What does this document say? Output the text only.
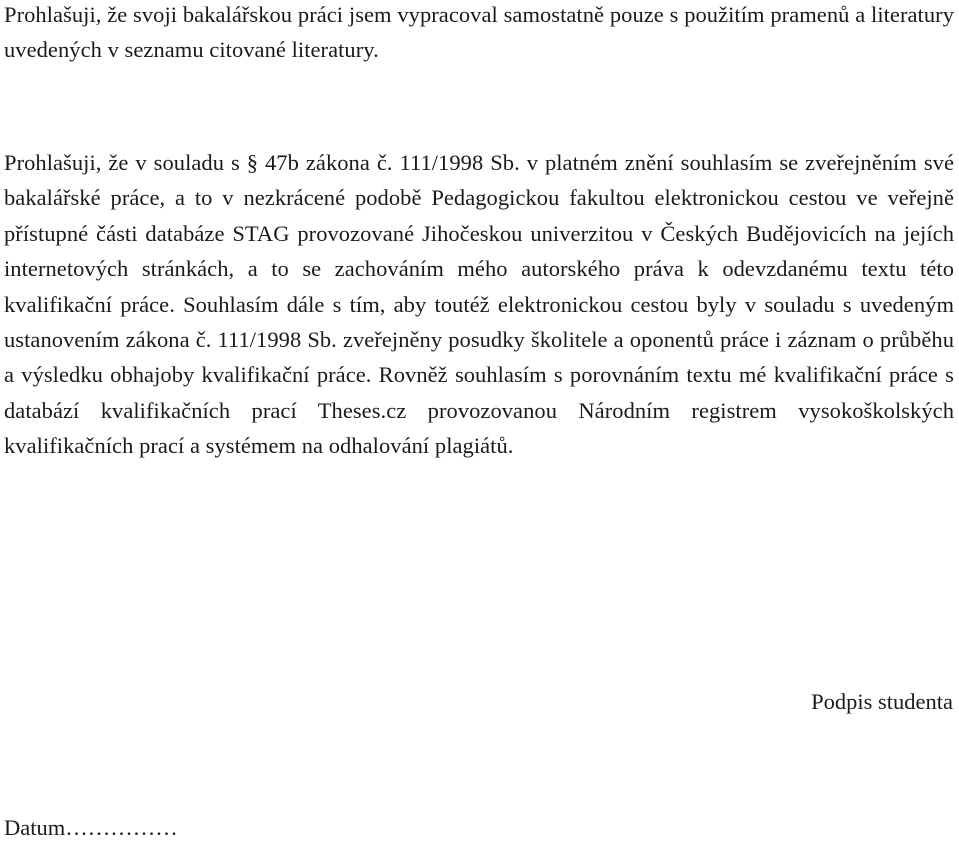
Prohlašuji, že svoji bakalářskou práci jsem vypracoval samostatně pouze s použitím pramenů a literatury uvedených v seznamu citované literatury.

Prohlašuji, že v souladu s § 47b zákona č. 111/1998 Sb. v platném znění souhlasím se zveřejněním své bakalářské práce, a to v nezkrácené podobě Pedagogickou fakultou elektronickou cestou ve veřejně přístupné části databáze STAG provozované Jihočeskou univerzitou v Českých Budějovicích na jejích internetových stránkách, a to se zachováním mého autorského práva k odevzdanému textu této kvalifikační práce. Souhlasím dále s tím, aby toutéž elektronickou cestou byly v souladu s uvedeným ustanovením zákona č. 111/1998 Sb. zveřejněny posudky školitele a oponentů práce i záznam o průběhu a výsledku obhajoby kvalifikační práce. Rovněž souhlasím s porovnáním textu mé kvalifikační práce s databází kvalifikačních prací Theses.cz provozovanou Národním registrem vysokoškolských kvalifikačních prací a systémem na odhalování plagiátů.

Podpis studenta

Datum……………
